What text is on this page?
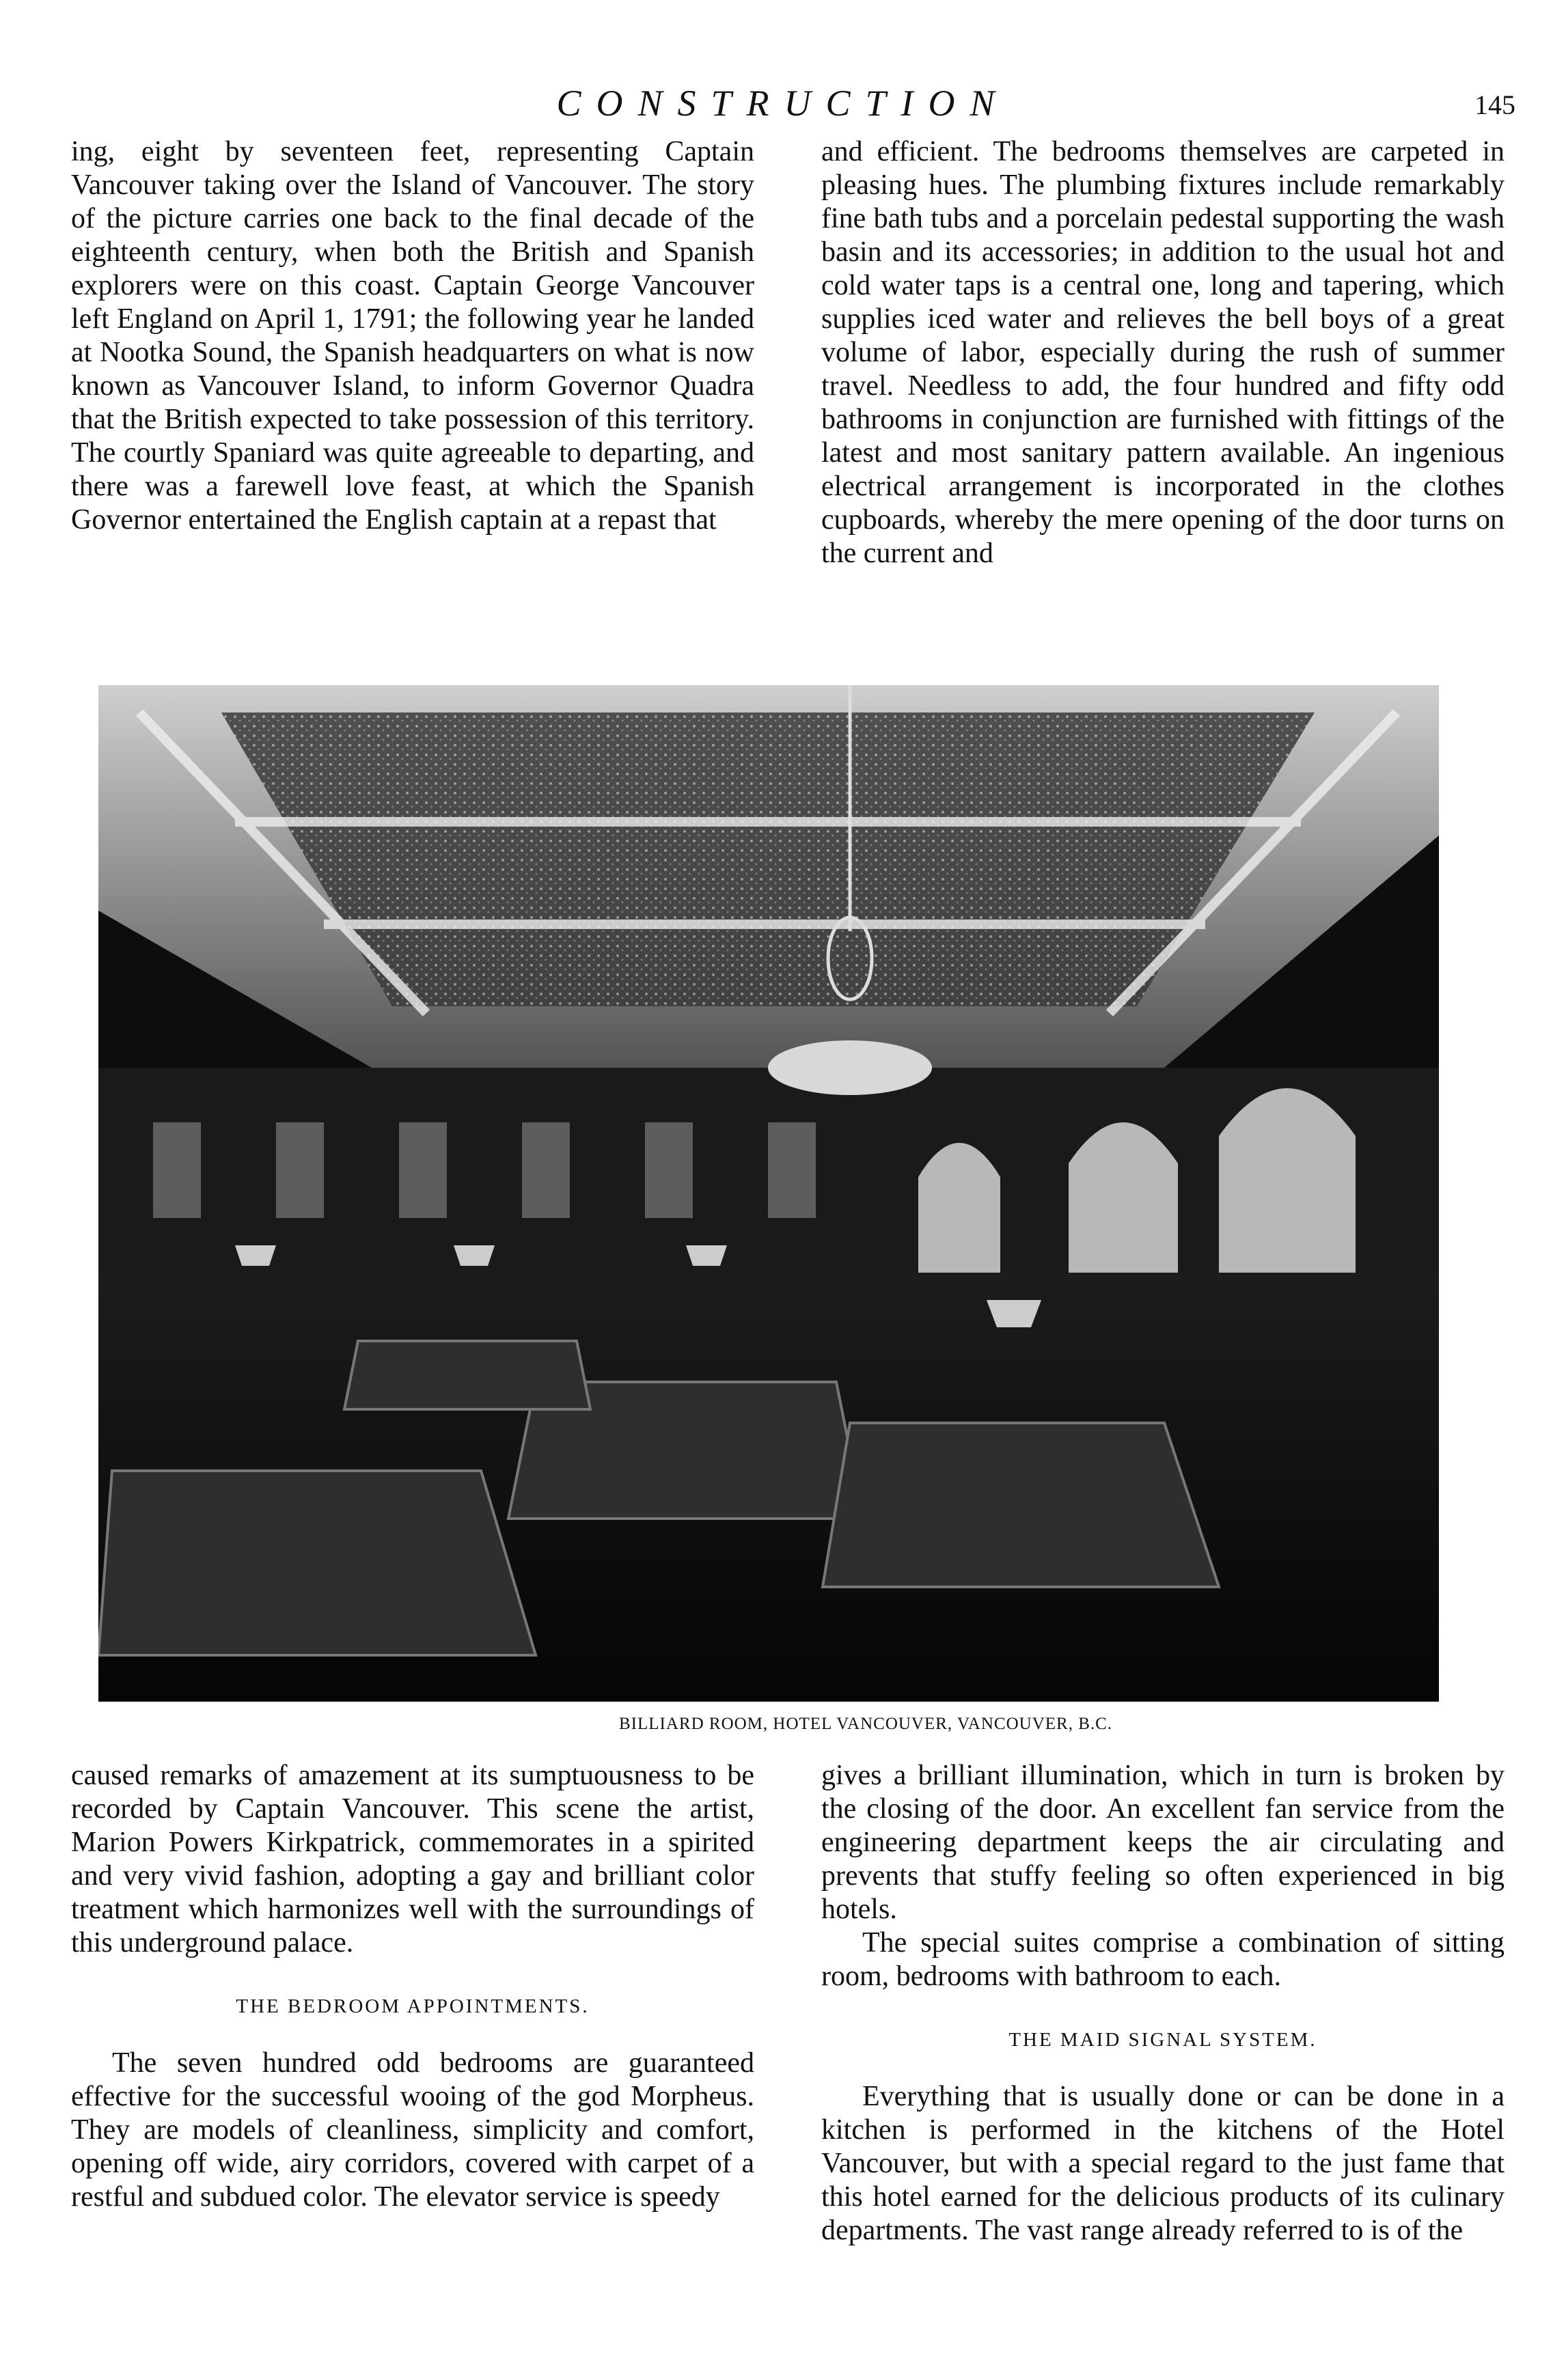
CONSTRUCTION	145

ing, eight by seventeen feet, representing Captain Vancouver taking over the Island of Vancouver. The story of the picture carries one back to the final decade of the eighteenth century, when both the British and Spanish explorers were on this coast. Captain George Vancouver left England on April 1, 1791; the following year he landed at Nootka Sound, the Spanish headquarters on what is now known as Vancouver Island, to inform Governor Quadra that the British expected to take possession of this territory. The courtly Spaniard was quite agreeable to departing, and there was a farewell love feast, at which the Spanish Governor entertained the English captain at a repast that

and efficient. The bedrooms themselves are carpeted in pleasing hues. The plumbing fixtures include remarkably fine bath tubs and a porcelain pedestal supporting the wash basin and its accessories; in addition to the usual hot and cold water taps is a central one, long and tapering, which supplies iced water and relieves the bell boys of a great volume of labor, especially during the rush of summer travel. Needless to add, the four hundred and fifty odd bathrooms in conjunction are furnished with fittings of the latest and most sanitary pattern available. An ingenious electrical arrangement is incorporated in the clothes cupboards, whereby the mere opening of the door turns on the current and

BILLIARD ROOM, HOTEL VANCOUVER, VANCOUVER, B.C.

caused remarks of amazement at its sumptuousness to be recorded by Captain Vancouver. This scene the artist, Marion Powers Kirkpatrick, commemorates in a spirited and very vivid fashion, adopting a gay and brilliant color treatment which harmonizes well with the surroundings of this underground palace.

THE BEDROOM APPOINTMENTS.

The seven hundred odd bedrooms are guaranteed effective for the successful wooing of the god Morpheus. They are models of cleanliness, simplicity and comfort, opening off wide, airy corridors, covered with carpet of a restful and subdued color. The elevator service is speedy

gives a brilliant illumination, which in turn is broken by the closing of the door. An excellent fan service from the engineering department keeps the air circulating and prevents that stuffy feeling so often experienced in big hotels.

The special suites comprise a combination of sitting room, bedrooms with bathroom to each.

THE MAID SIGNAL SYSTEM.

Everything that is usually done or can be done in a kitchen is performed in the kitchens of the Hotel Vancouver, but with a special regard to the just fame that this hotel earned for the delicious products of its culinary departments. The vast range already referred to is of the
